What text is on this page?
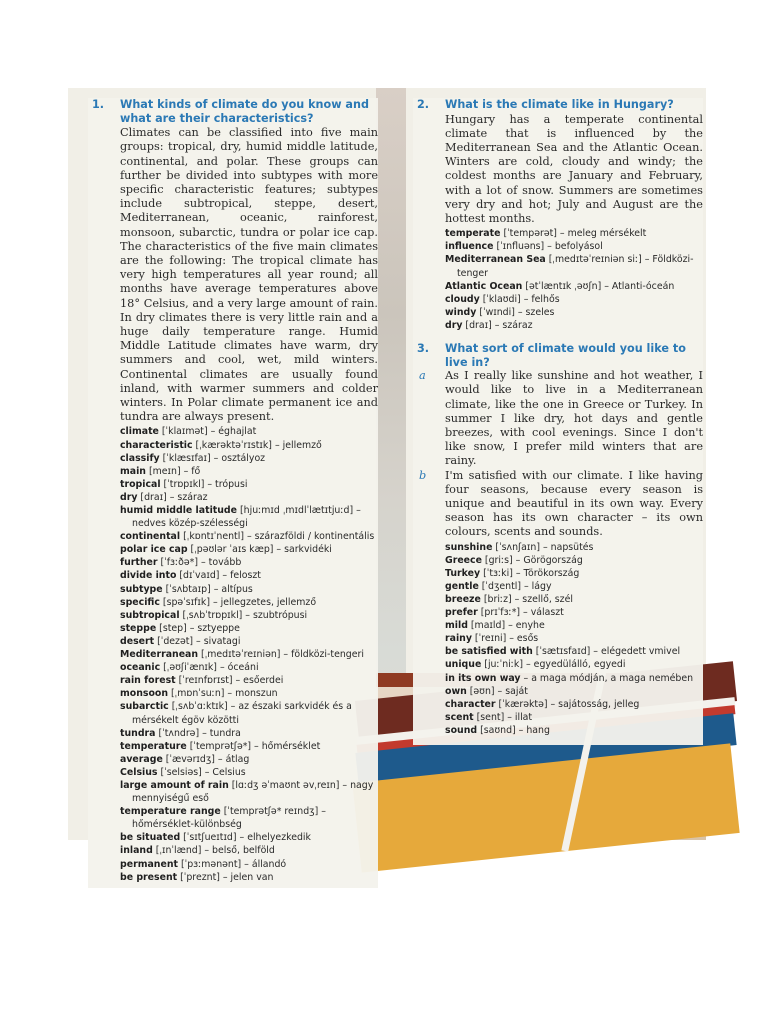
1. What kinds of climate do you know and what are their characteristics?
Climates can be classified into five main groups: tropical, dry, humid middle latitude, continental, and polar. These groups can further be divided into subtypes with more specific characteristic features; subtypes include subtropical, steppe, desert, Mediterranean, oceanic, rainforest, monsoon, subarctic, tundra or polar ice cap. The characteristics of the five main climates are the following: The tropical climate has very high temperatures all year round; all months have average temperatures above 18° Celsius, and a very large amount of rain. In dry climates there is very little rain and a huge daily temperature range. Humid Middle Latitude climates have warm, dry summers and cool, wet, mild winters. Continental climates are usually found inland, with warmer summers and colder winters. In Polar climate permanent ice and tundra are always present.
climate [ˈklaɪmət] – éghajlat
characteristic [ˌkærəktəˈrɪstɪk] – jellemző
classify [ˈklæsɪfaɪ] – osztályoz
main [meɪn] – fő
tropical [ˈtrɒpɪkl] – trópusi
dry [draɪ] – száraz
humid middle latitude [hjuːmɪd ˌmɪdlˈlætɪtjuːd] –
nedves közép-szélességi
continental [ˌkɒntɪˈnentl] – szárazföldi / kontinentális
polar ice cap [ˌpəʊlər ˈaɪs kæp] – sarkvidéki
further [ˈfɜːðə*] – tovább
divide into [dɪˈvaɪd] – feloszt
subtype [ˈsʌbtaɪp] – altípus
specific [spəˈsɪfɪk] – jellegzetes, jellemző
subtropical [ˌsʌbˈtrɒpɪkl] – szubtrópusi
steppe [step] – sztyeppe
desert [ˈdezət] – sivatagi
Mediterranean [ˌmedɪtəˈreɪniən] – földközi-tengeri
oceanic [ˌəʊʃiˈænɪk] – óceáni
rain forest [ˈreɪnfɒrɪst] – esőerdei
monsoon [ˌmɒnˈsuːn] – monszun
subarctic [ˌsʌbˈɑːktɪk] – az északi sarkvidék és a
mérsékelt égöv közötti
tundra [ˈtʌndrə] – tundra
temperature [ˈtemprətʃə*] – hőmérséklet
average [ˈævərɪdʒ] – átlag
Celsius [ˈselsiəs] – Celsius
large amount of rain [lɑːdʒ əˈmaʊnt əvˌreɪn] – nagy
mennyiségű eső
temperature range [ˈtemprətʃə* reɪndʒ] –
hőmérséklet-különbség
be situated [ˈsɪtʃueɪtɪd] – elhelyezkedik
inland [ˌɪnˈlænd] – belső, belföld
permanent [ˈpɜːmənənt] – állandó
be present [ˈpreznt] – jelen van
2. What is the climate like in Hungary?
Hungary has a temperate continental climate that is influenced by the Mediterranean Sea and the Atlantic Ocean. Winters are cold, cloudy and windy; the coldest months are January and February, with a lot of snow. Summers are sometimes very dry and hot; July and August are the hottest months.
temperate [ˈtempərət] – meleg mérsékelt
influence [ˈɪnfluəns] – befolyásol
Mediterranean Sea [ˌmedɪtəˈreɪniən siː] – Földközi-
tenger
Atlantic Ocean [ətˈlæntɪk ˌəʊʃn] – Atlanti-óceán
cloudy [ˈklaʊdi] – felhős
windy [ˈwɪndi] – szeles
dry [draɪ] – száraz
3. What sort of climate would you like to live in?
a As I really like sunshine and hot weather, I would like to live in a Mediterranean climate, like the one in Greece or Turkey. In summer I like dry, hot days and gentle breezes, with cool evenings. Since I don't like snow, I prefer mild winters that are rainy.
b I'm satisfied with our climate. I like having four seasons, because every season is unique and beautiful in its own way. Every season has its own character – its own colours, scents and sounds.
sunshine [ˈsʌnʃaɪn] – napsütés
Greece [griːs] – Görögország
Turkey [ˈtɜːki] – Törökország
gentle [ˈdʒentl] – lágy
breeze [briːz] – szellő, szél
prefer [prɪˈfɜː*] – választ
mild [maɪld] – enyhe
rainy [ˈreɪni] – esős
be satisfied with [ˈsætɪsfaɪd] – elégedett vmivel
unique [juːˈniːk] – egyedülálló, egyedi
in its own way – a maga módján, a maga nemében
own [əʊn] – saját
character [ˈkærəktə] – sajátosság, jelleg
scent [sent] – illat
sound [saʊnd] – hang
